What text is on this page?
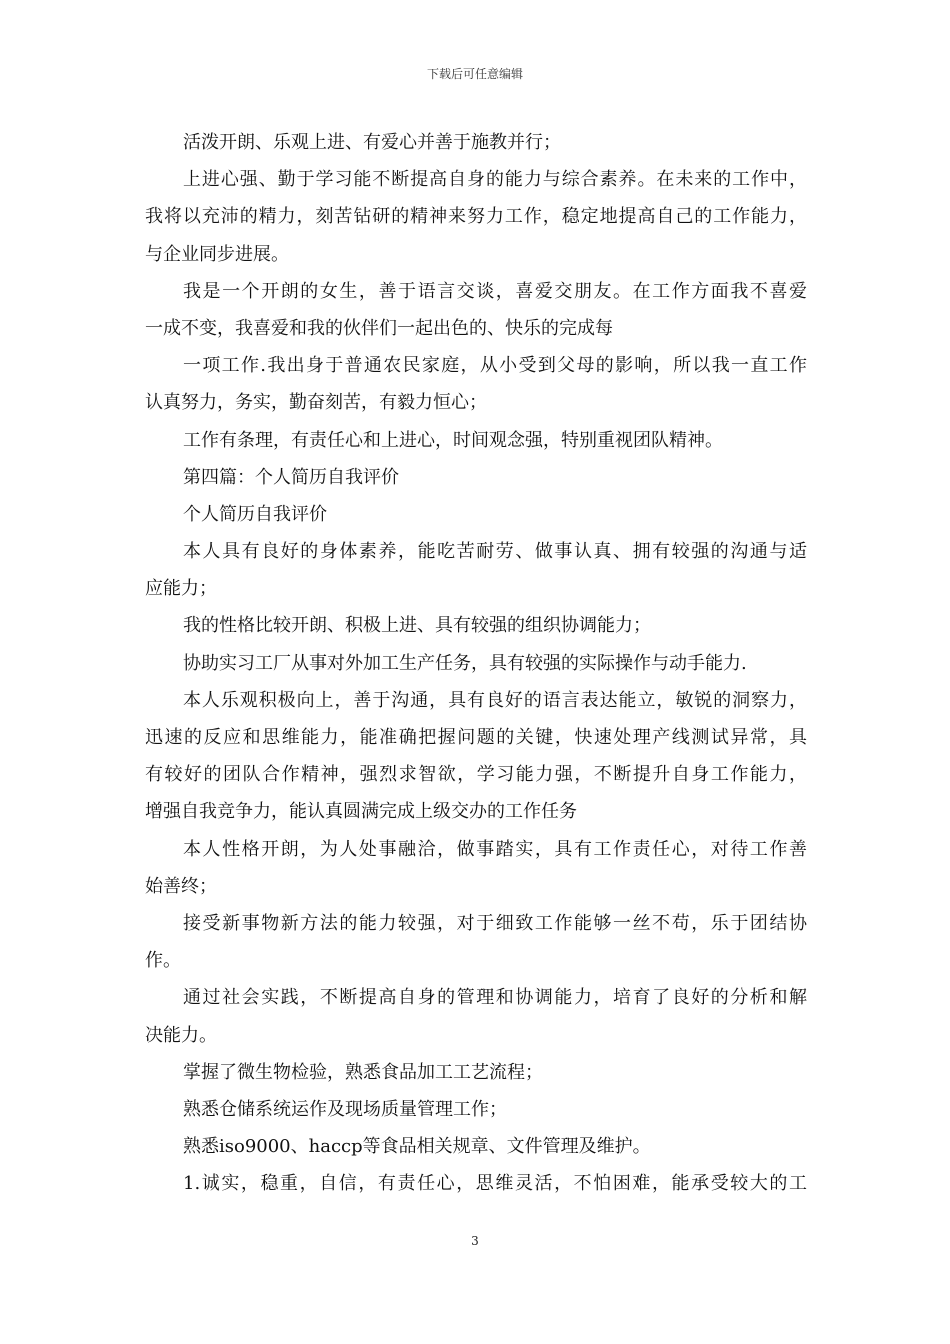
下载后可任意编辑
活泼开朗、乐观上进、有爱心并善于施教并行；
上进心强、勤于学习能不断提高自身的能力与综合素养。在未来的工作中，
我将以充沛的精力，刻苦钻研的精神来努力工作，稳定地提高自己的工作能力，
与企业同步进展。
我是一个开朗的女生，善于语言交谈，喜爱交朋友。在工作方面我不喜爱
一成不变，我喜爱和我的伙伴们一起出色的、快乐的完成每
一项工作.我出身于普通农民家庭，从小受到父母的影响，所以我一直工作
认真努力，务实，勤奋刻苦，有毅力恒心；
工作有条理，有责任心和上进心，时间观念强，特别重视团队精神。
第四篇：个人简历自我评价
个人简历自我评价
本人具有良好的身体素养，能吃苦耐劳、做事认真、拥有较强的沟通与适
应能力；
我的性格比较开朗、积极上进、具有较强的组织协调能力；
协助实习工厂从事对外加工生产任务，具有较强的实际操作与动手能力.
本人乐观积极向上，善于沟通，具有良好的语言表达能立，敏锐的洞察力，
迅速的反应和思维能力，能准确把握问题的关键，快速处理产线测试异常，具
有较好的团队合作精神，强烈求智欲，学习能力强，不断提升自身工作能力，
增强自我竞争力，能认真圆满完成上级交办的工作任务
本人性格开朗，为人处事融洽，做事踏实，具有工作责任心，对待工作善
始善终；
接受新事物新方法的能力较强，对于细致工作能够一丝不苟，乐于团结协
作。
通过社会实践，不断提高自身的管理和协调能力，培育了良好的分析和解
决能力。
掌握了微生物检验，熟悉食品加工工艺流程；
熟悉仓储系统运作及现场质量管理工作；
熟悉iso9000、haccp等食品相关规章、文件管理及维护。
1.诚实，稳重，自信，有责任心，思维灵活，不怕困难，能承受较大的工
3
